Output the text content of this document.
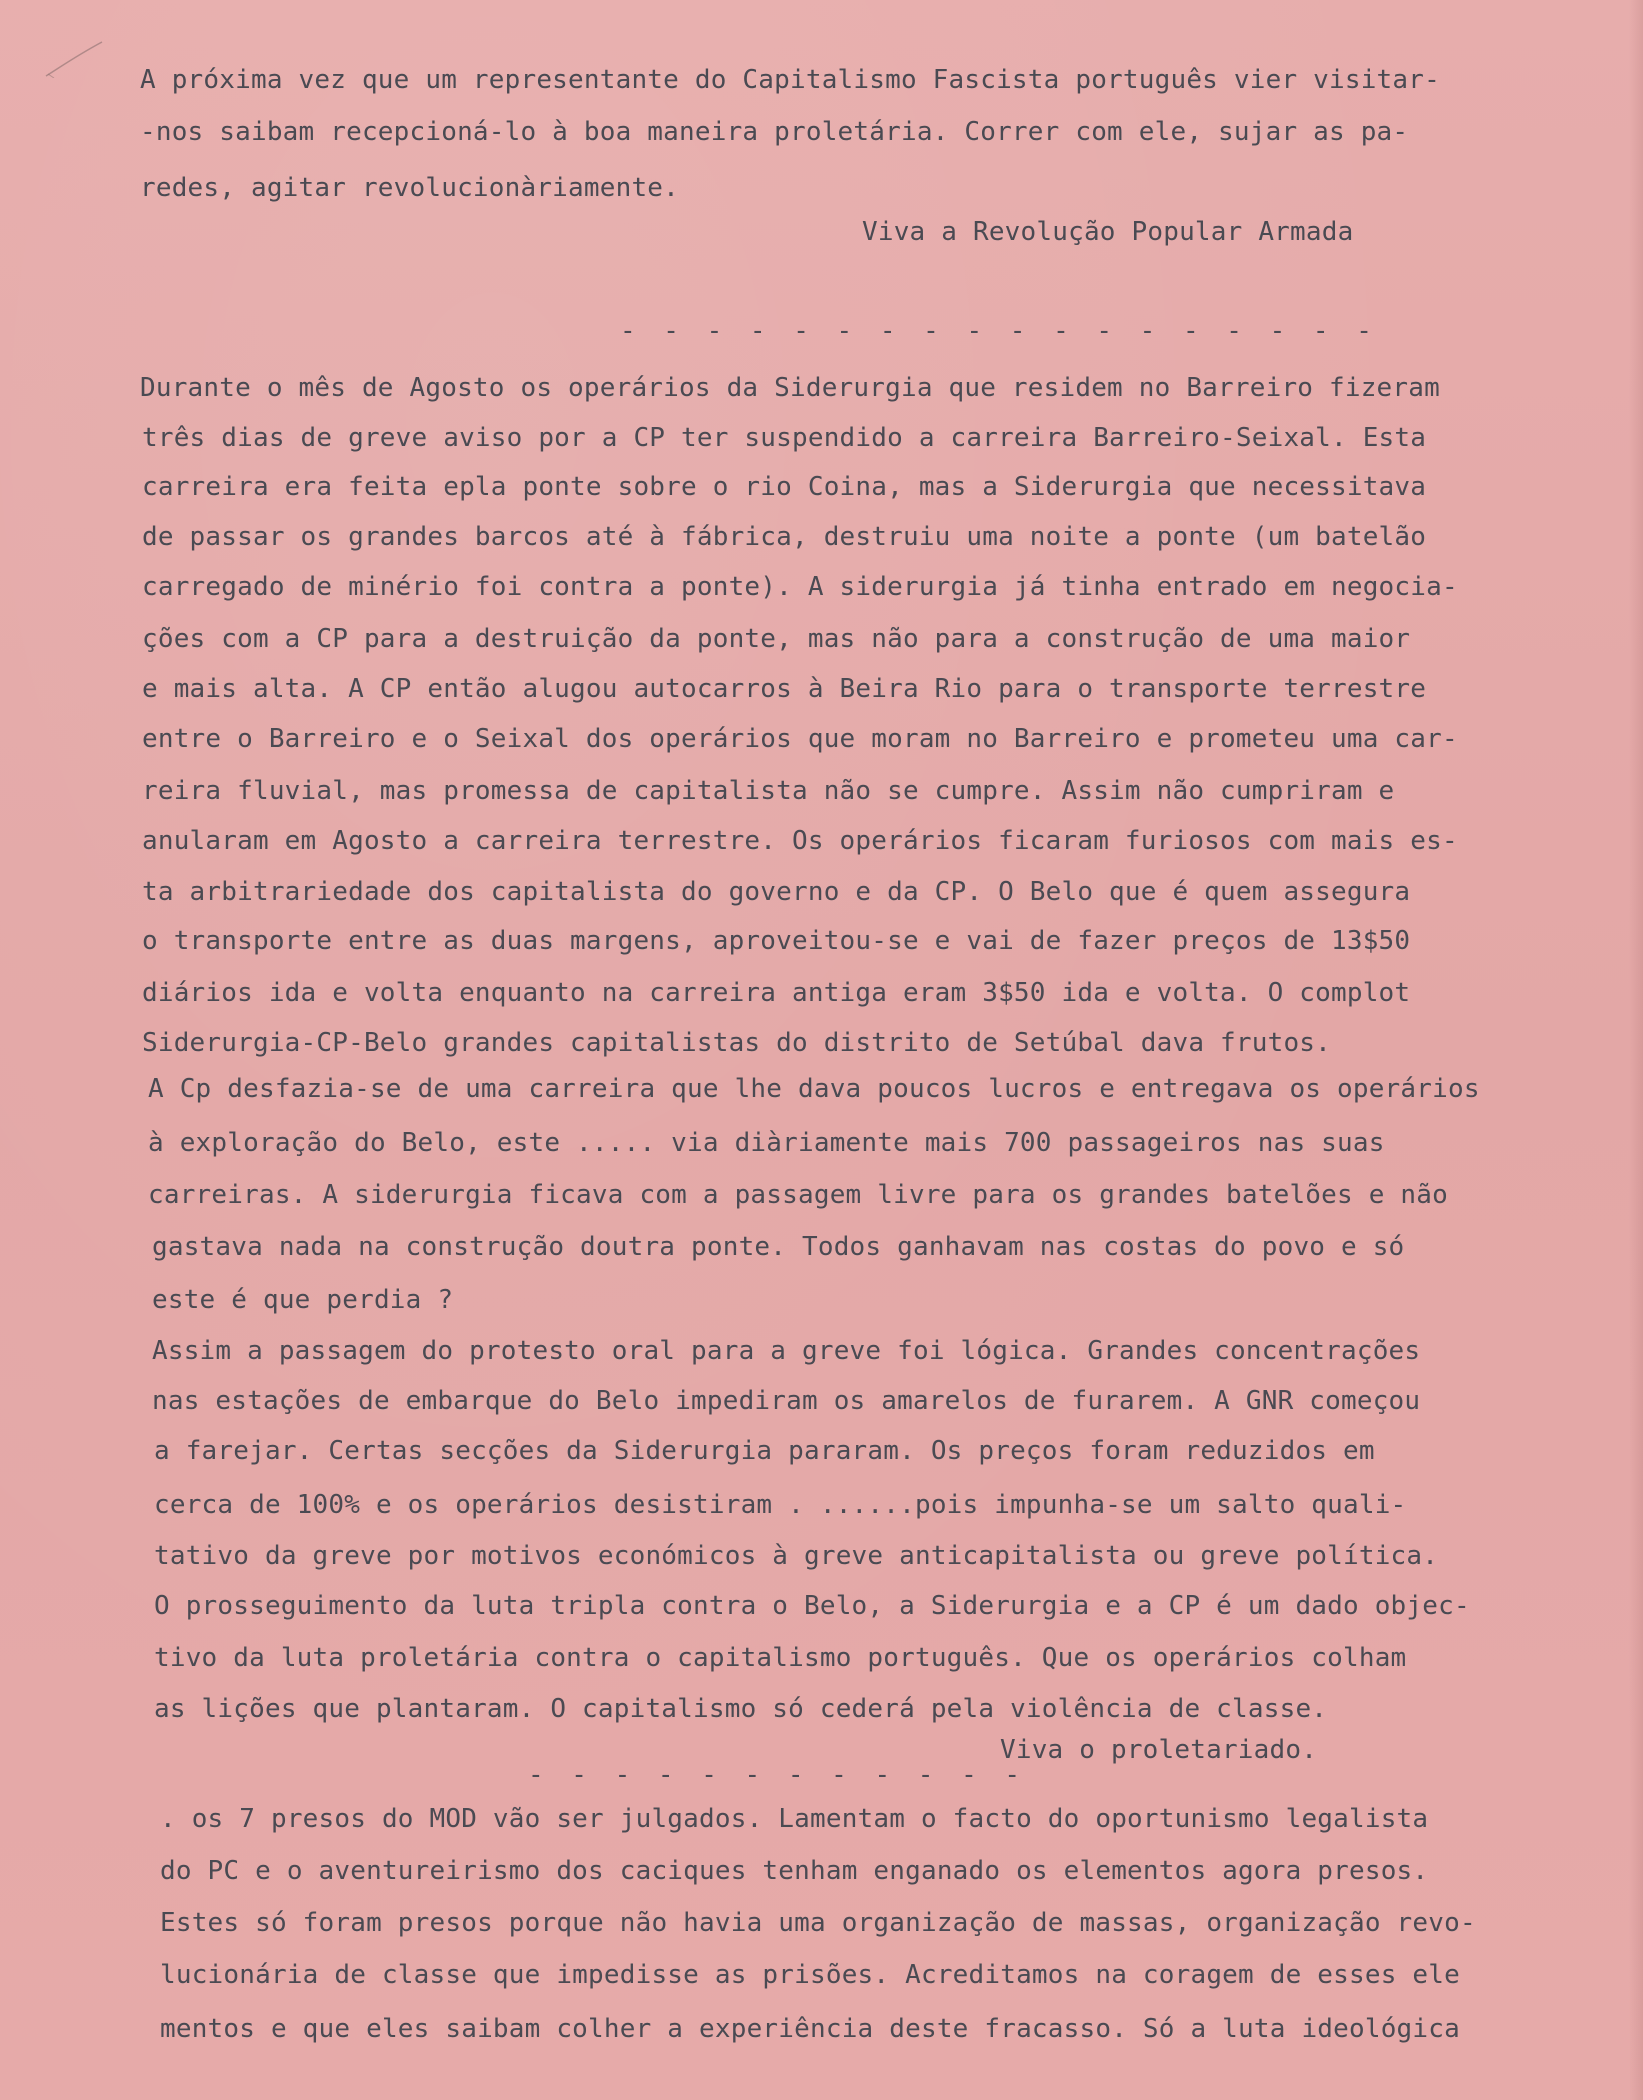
A próxima vez que um representante do Capitalismo Fascista português vier visitar-
-nos saibam recepcioná-lo à boa maneira proletária. Correr com ele, sujar as pa-
redes, agitar revolucionàriamente.
Viva a Revolução Popular Armada
- - - - - - - - - - - - - - - - - -
Durante o mês de Agosto os operários da Siderurgia que residem no Barreiro fizeram
três dias de greve aviso por a CP ter suspendido a carreira Barreiro-Seixal. Esta
carreira era feita epla ponte sobre o rio Coina, mas a Siderurgia que necessitava
de passar os grandes barcos até à fábrica, destruiu uma noite a ponte (um batelão
carregado de minério foi contra a ponte). A siderurgia já tinha entrado em negocia-
ções com a CP para a destruição da ponte, mas não para a construção de uma maior
e mais alta. A CP então alugou autocarros à Beira Rio para o transporte terrestre
entre o Barreiro e o Seixal dos operários que moram no Barreiro e prometeu uma car-
reira fluvial, mas promessa de capitalista não se cumpre. Assim não cumpriram e
anularam em Agosto a carreira terrestre. Os operários ficaram furiosos com mais es-
ta arbitrariedade dos capitalista do governo e da CP. O Belo que é quem assegura
o transporte entre as duas margens, aproveitou-se e vai de fazer preços de 13$50
diários ida e volta enquanto na carreira antiga eram 3$50 ida e volta. O complot
Siderurgia-CP-Belo grandes capitalistas do distrito de Setúbal dava frutos.
A Cp desfazia-se de uma carreira que lhe dava poucos lucros e entregava os operários
à exploração do Belo, este ..... via diàriamente mais 700 passageiros nas suas
carreiras. A siderurgia ficava com a passagem livre para os grandes batelões e não
gastava nada na construção doutra ponte. Todos ganhavam nas costas do povo e só
este é que perdia ?
Assim a passagem do protesto oral para a greve foi lógica. Grandes concentrações
nas estações de embarque do Belo impediram os amarelos de furarem. A GNR começou
a farejar. Certas secções da Siderurgia pararam. Os preços foram reduzidos em
cerca de 100% e os operários desistiram . ......pois impunha-se um salto quali-
tativo da greve por motivos económicos à greve anticapitalista ou greve política.
O prosseguimento da luta tripla contra o Belo, a Siderurgia e a CP é um dado objec-
tivo da luta proletária contra o capitalismo português. Que os operários colham
as lições que plantaram. O capitalismo só cederá pela violência de classe.
Viva o proletariado.
- - - - - - - - - - - -
. os 7 presos do MOD vão ser julgados. Lamentam o facto do oportunismo legalista
do PC e o aventureirismo dos caciques tenham enganado os elementos agora presos.
Estes só foram presos porque não havia uma organização de massas, organização revo-
lucionária de classe que impedisse as prisões. Acreditamos na coragem de esses ele
mentos e que eles saibam colher a experiência deste fracasso. Só a luta ideológica
